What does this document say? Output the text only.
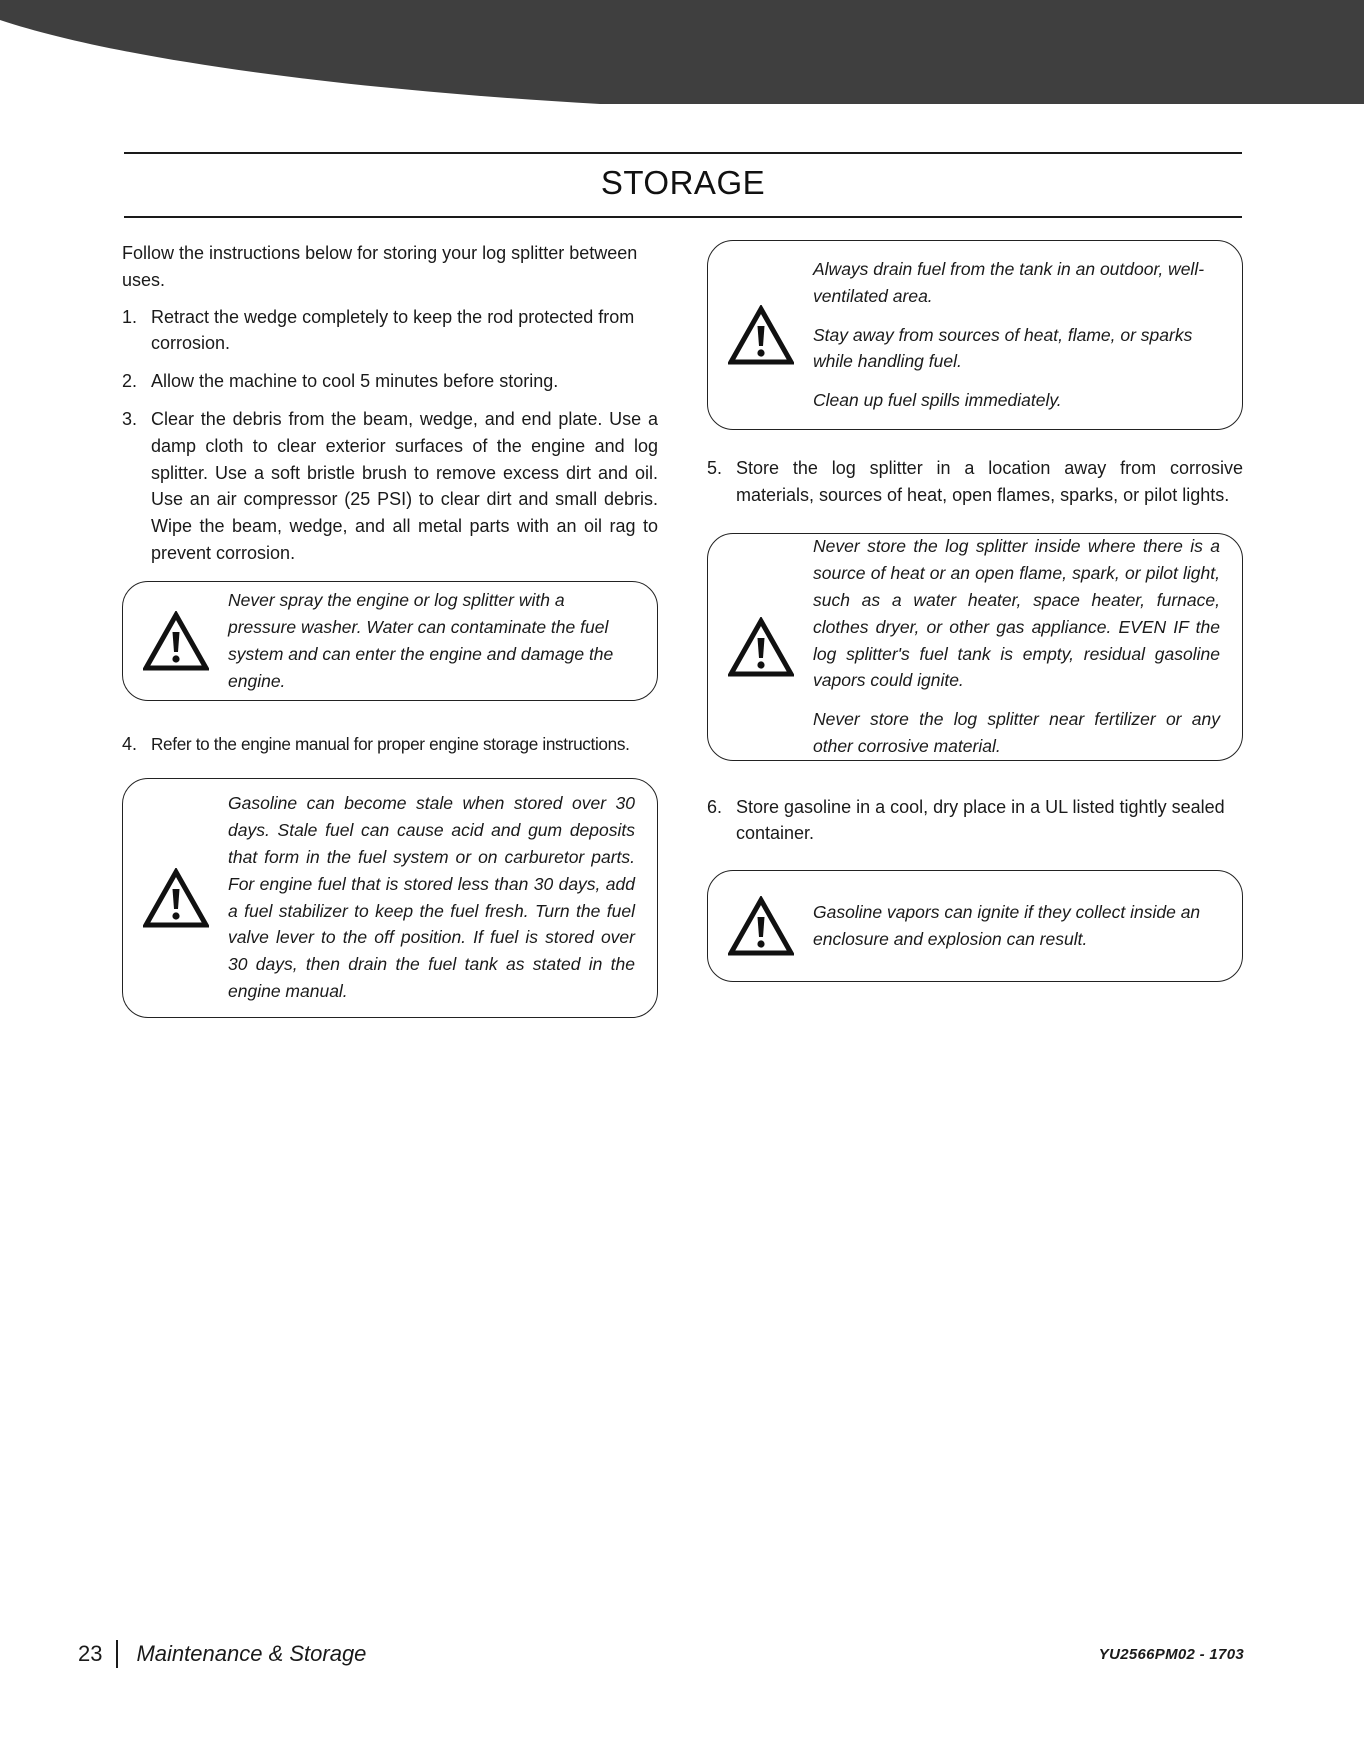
STORAGE

Follow the instructions below for storing your log splitter between uses.

1. Retract the wedge completely to keep the rod protected from corrosion.
2. Allow the machine to cool 5 minutes before storing.
3. Clear the debris from the beam, wedge, and end plate. Use a damp cloth to clear exterior surfaces of the engine and log splitter. Use a soft bristle brush to remove excess dirt and oil. Use an air compressor (25 PSI) to clear dirt and small debris. Wipe the beam, wedge, and all metal parts with an oil rag to prevent corrosion.

Never spray the engine or log splitter with a pressure washer. Water can contaminate the fuel system and can enter the engine and damage the engine.

4. Refer to the engine manual for proper engine storage instructions.

Gasoline can become stale when stored over 30 days. Stale fuel can cause acid and gum deposits that form in the fuel system or on carburetor parts. For engine fuel that is stored less than 30 days, add a fuel stabilizer to keep the fuel fresh. Turn the fuel valve lever to the off position. If fuel is stored over 30 days, then drain the fuel tank as stated in the engine manual.

Always drain fuel from the tank in an outdoor, well-ventilated area.

Stay away from sources of heat, flame, or sparks while handling fuel.

Clean up fuel spills immediately.

5. Store the log splitter in a location away from corrosive materials, sources of heat, open flames, sparks, or pilot lights.

Never store the log splitter inside where there is a source of heat or an open flame, spark, or pilot light, such as a water heater, space heater, furnace, clothes dryer, or other gas appliance. EVEN IF the log splitter's fuel tank is empty, residual gasoline vapors could ignite.

Never store the log splitter near fertilizer or any other corrosive material.

6. Store gasoline in a cool, dry place in a UL listed tightly sealed container.

Gasoline vapors can ignite if they collect inside an enclosure and explosion can result.

23 Maintenance & Storage	YU2566PM02 - 1703
